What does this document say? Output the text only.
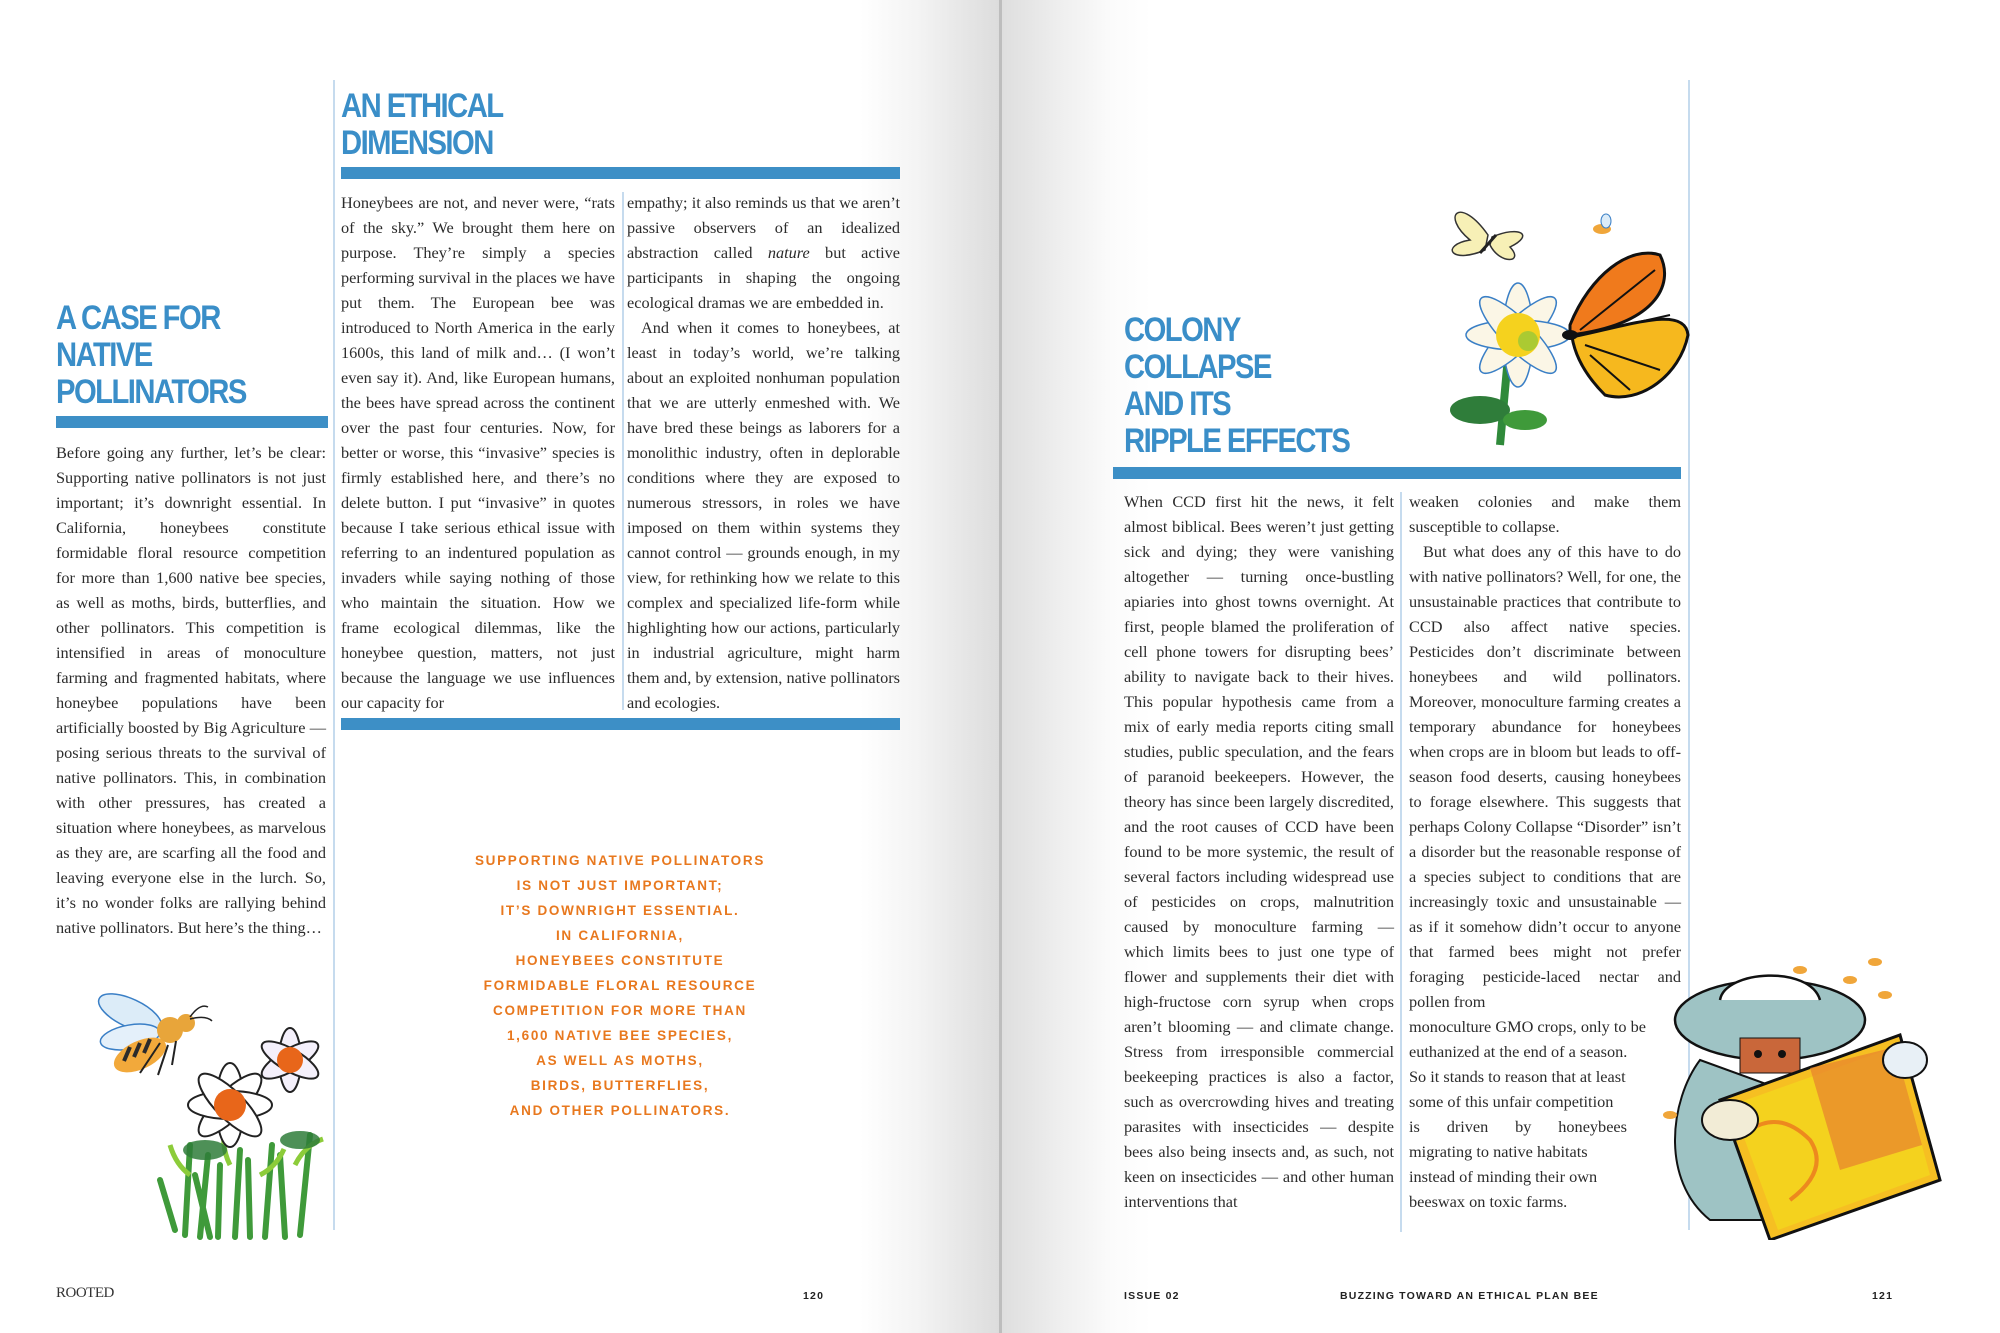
A CASE FOR
NATIVE
POLLINATORS

Before going any further, let’s be clear: Supporting native pollinators is not just important; it’s downright essential. In California, honeybees constitute formidable floral resource competition for more than 1,600 native bee species, as well as moths, birds, butterflies, and other pollinators. This competition is intensified in areas of monoculture farming and fragmented habitats, where honeybee populations have been artificially boosted by Big Agriculture — posing serious threats to the survival of native pollinators. This, in combination with other pressures, has created a situation where honeybees, as marvelous as they are, are scarfing all the food and leaving everyone else in the lurch. So, it’s no wonder folks are rallying behind native pollinators. But here’s the thing…

AN ETHICAL
DIMENSION

Honeybees are not, and never were, “rats of the sky.” We brought them here on purpose. They’re simply a species performing survival in the places we have put them. The European bee was introduced to North America in the early 1600s, this land of milk and… (I won’t even say it). And, like European humans, the bees have spread across the continent over the past four centuries. Now, for better or worse, this “invasive” species is firmly established here, and there’s no delete button. I put “invasive” in quotes because I take serious ethical issue with referring to an indentured population as invaders while saying nothing of those who maintain the situation. How we frame ecological dilemmas, like the honeybee question, matters, not just because the language we use influences our capacity for

empathy; it also reminds us that we aren’t passive observers of an idealized abstraction called nature but active participants in shaping the ongoing ecological dramas we are embedded in.

And when it comes to honeybees, at least in today’s world, we’re talking about an exploited nonhuman population that we are utterly enmeshed with. We have bred these beings as laborers for a monolithic industry, often in deplorable conditions where they are exposed to numerous stressors, in roles we have imposed on them within systems they cannot control — grounds enough, in my view, for rethinking how we relate to this complex and specialized life-form while highlighting how our actions, particularly in industrial agriculture, might harm them and, by extension, native pollinators and ecologies.

SUPPORTING NATIVE POLLINATORS
IS NOT JUST IMPORTANT;
IT’S DOWNRIGHT ESSENTIAL.
IN CALIFORNIA,
HONEYBEES CONSTITUTE
FORMIDABLE FLORAL RESOURCE
COMPETITION FOR MORE THAN
1,600 NATIVE BEE SPECIES,
AS WELL AS MOTHS,
BIRDS, BUTTERFLIES,
AND OTHER POLLINATORS.
ROOTED	120
COLONY
COLLAPSE
AND ITS
RIPPLE EFFECTS

When CCD first hit the news, it felt almost biblical. Bees weren’t just getting sick and dying; they were vanishing altogether — turning once-bustling apiaries into ghost towns overnight. At first, people blamed the proliferation of cell phone towers for disrupting bees’ ability to navigate back to their hives. This popular hypothesis came from a mix of early media reports citing small studies, public speculation, and the fears of paranoid beekeepers. However, the theory has since been largely discredited, and the root causes of CCD have been found to be more systemic, the result of several factors including widespread use of pesticides on crops, malnutrition caused by monoculture farming — which limits bees to just one type of flower and supplements their diet with high-fructose corn syrup when crops aren’t blooming — and climate change. Stress from irresponsible commercial beekeeping practices is also a factor, such as overcrowding hives and treating parasites with insecticides — despite bees also being insects and, as such, not keen on insecticides — and other human interventions that

weaken colonies and make them susceptible to collapse.

But what does any of this have to do with native pollinators? Well, for one, the unsustainable practices that contribute to CCD also affect native species. Pesticides don’t discriminate between honeybees and wild pollinators. Moreover, monoculture farming creates a temporary abundance for honeybees when crops are in bloom but leads to off-season food deserts, causing honeybees to forage elsewhere. This suggests that perhaps Colony Collapse “Disorder” isn’t a disorder but the reasonable response of a species subject to conditions that are increasingly toxic and unsustainable — as if it somehow didn’t occur to anyone that farmed bees might not prefer foraging pesticide-laced nectar and pollen from

monoculture GMO crops, only to be
euthanized at the end of a season.
So it stands to reason that at least
some of this unfair competition
is driven by honeybees
migrating to native habitats
instead of minding their own
beeswax on toxic farms.
ISSUE 02	BUZZING TOWARD AN ETHICAL PLAN BEE	121
